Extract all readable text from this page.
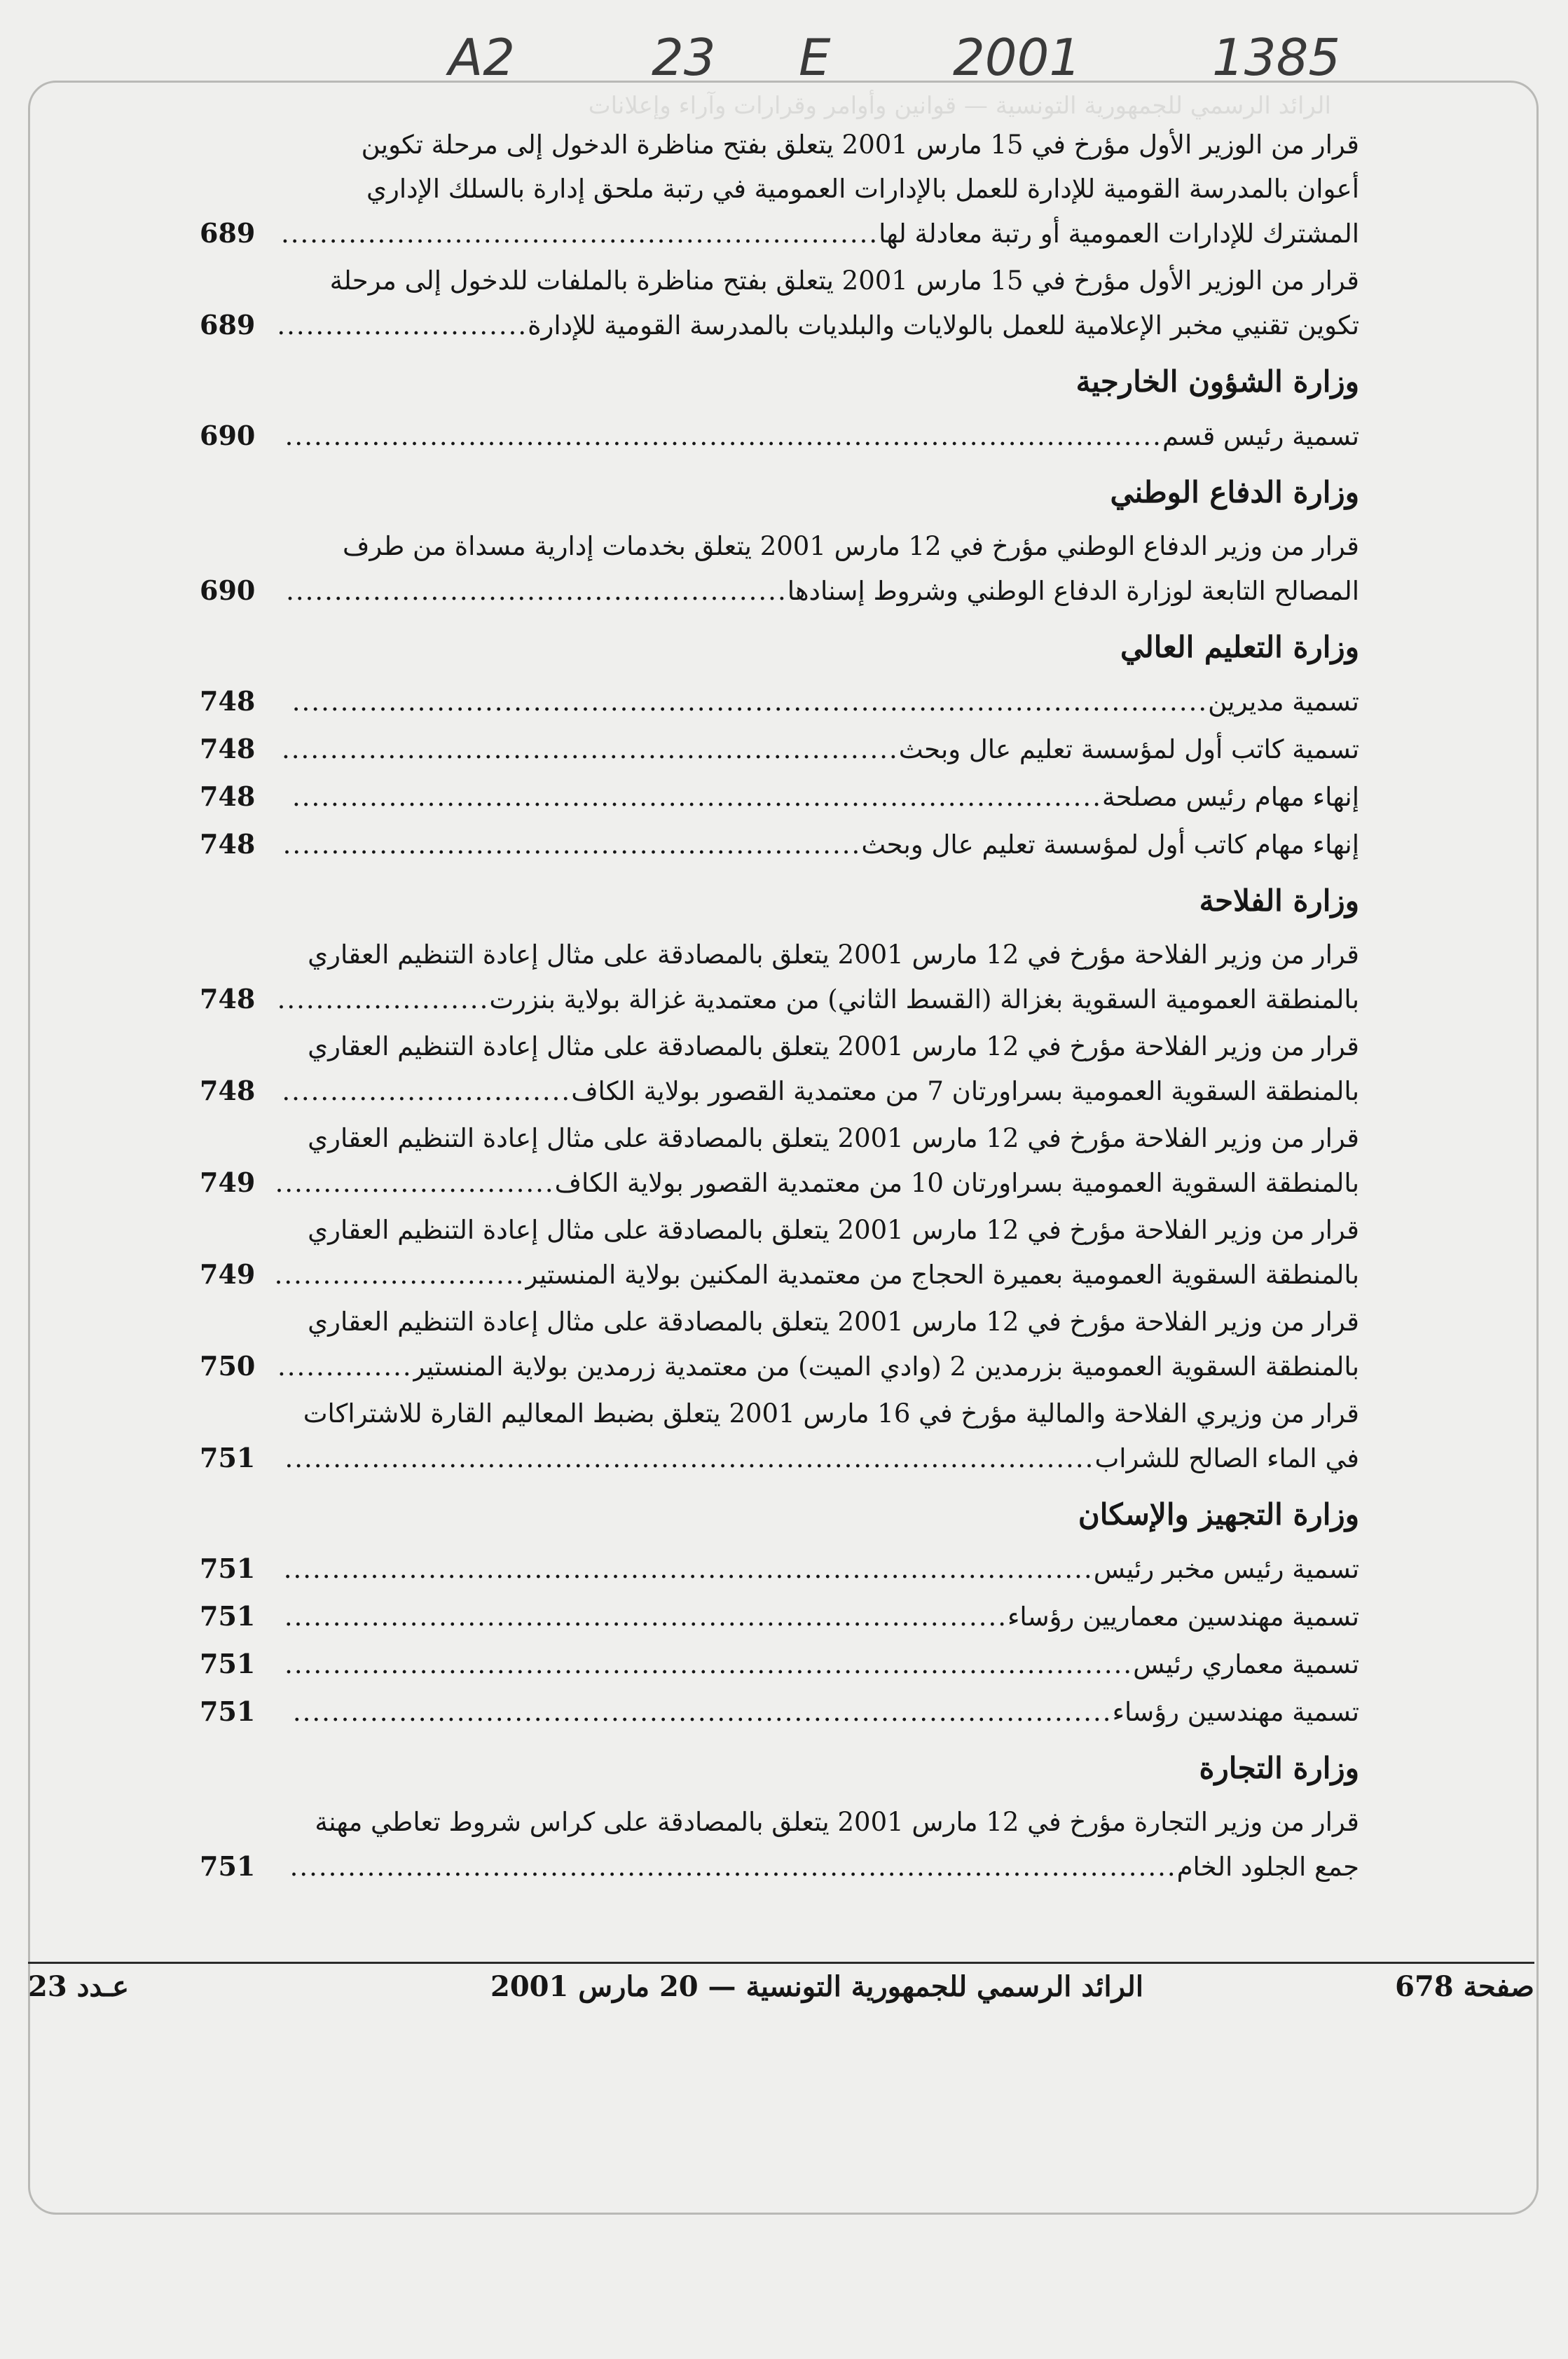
A2	23 E 2001	1385
الرائد الرسمي للجمهورية التونسية — قوانين وأوامر وقرارات وآراء وإعلانات
قرار من الوزير الأول مؤرخ في 15 مارس 2001 يتعلق بفتح مناظرة الدخول إلى مرحلة تكوين
أعوان بالمدرسة القومية للإدارة للعمل بالإدارات العمومية في رتبة ملحق إدارة بالسلك الإداري
المشترك للإدارات العمومية أو رتبة معادلة لها
..............................................................
689
قرار من الوزير الأول مؤرخ في 15 مارس 2001 يتعلق بفتح مناظرة بالملفات للدخول إلى مرحلة
تكوين تقنيي مخبر الإعلامية للعمل بالولايات والبلديات بالمدرسة القومية للإدارة
..........................
689
وزارة الشؤون الخارجية
تسمية رئيس قسم
...........................................................................................
690
وزارة الدفاع الوطني
قرار من وزير الدفاع الوطني مؤرخ في 12 مارس 2001 يتعلق بخدمات إدارية مسداة من طرف
المصالح التابعة لوزارة الدفاع الوطني وشروط إسنادها
....................................................
690
وزارة التعليم العالي
تسمية مديرين
...............................................................................................
748
تسمية كاتب أول لمؤسسة تعليم عال وبحث
................................................................
748
إنهاء مهام رئيس مصلحة
....................................................................................
748
إنهاء مهام كاتب أول لمؤسسة تعليم عال وبحث
............................................................
748
وزارة الفلاحة
قرار من وزير الفلاحة مؤرخ في 12 مارس 2001 يتعلق بالمصادقة على مثال إعادة التنظيم العقاري
بالمنطقة العمومية السقوية بغزالة (القسط الثاني) من معتمدية غزالة بولاية بنزرت
......................
748
قرار من وزير الفلاحة مؤرخ في 12 مارس 2001 يتعلق بالمصادقة على مثال إعادة التنظيم العقاري
بالمنطقة السقوية العمومية بسراورتان 7 من معتمدية القصور بولاية الكاف
..............................
748
قرار من وزير الفلاحة مؤرخ في 12 مارس 2001 يتعلق بالمصادقة على مثال إعادة التنظيم العقاري
بالمنطقة السقوية العمومية بسراورتان 10 من معتمدية القصور بولاية الكاف
.............................
749
قرار من وزير الفلاحة مؤرخ في 12 مارس 2001 يتعلق بالمصادقة على مثال إعادة التنظيم العقاري
بالمنطقة السقوية العمومية بعميرة الحجاج من معتمدية المكنين بولاية المنستير
..........................
749
قرار من وزير الفلاحة مؤرخ في 12 مارس 2001 يتعلق بالمصادقة على مثال إعادة التنظيم العقاري
بالمنطقة السقوية العمومية بزرمدين 2 (وادي الميت) من معتمدية زرمدين بولاية المنستير
..............
750
قرار من وزيري الفلاحة والمالية مؤرخ في 16 مارس 2001 يتعلق بضبط المعاليم القارة للاشتراكات
في الماء الصالح للشراب
....................................................................................
751
وزارة التجهيز والإسكان
تسمية رئيس مخبر رئيس
....................................................................................
751
تسمية مهندسين معماريين رؤساء
...........................................................................
751
تسمية معماري رئيس
........................................................................................
751
تسمية مهندسين رؤساء
.....................................................................................
751
وزارة التجارة
قرار من وزير التجارة مؤرخ في 12 مارس 2001 يتعلق بالمصادقة على كراس شروط تعاطي مهنة
جمع الجلود الخام
............................................................................................
751
صفحة 678
الرائد الرسمي للجمهورية التونسية — 20 مارس 2001
عـدد 23
